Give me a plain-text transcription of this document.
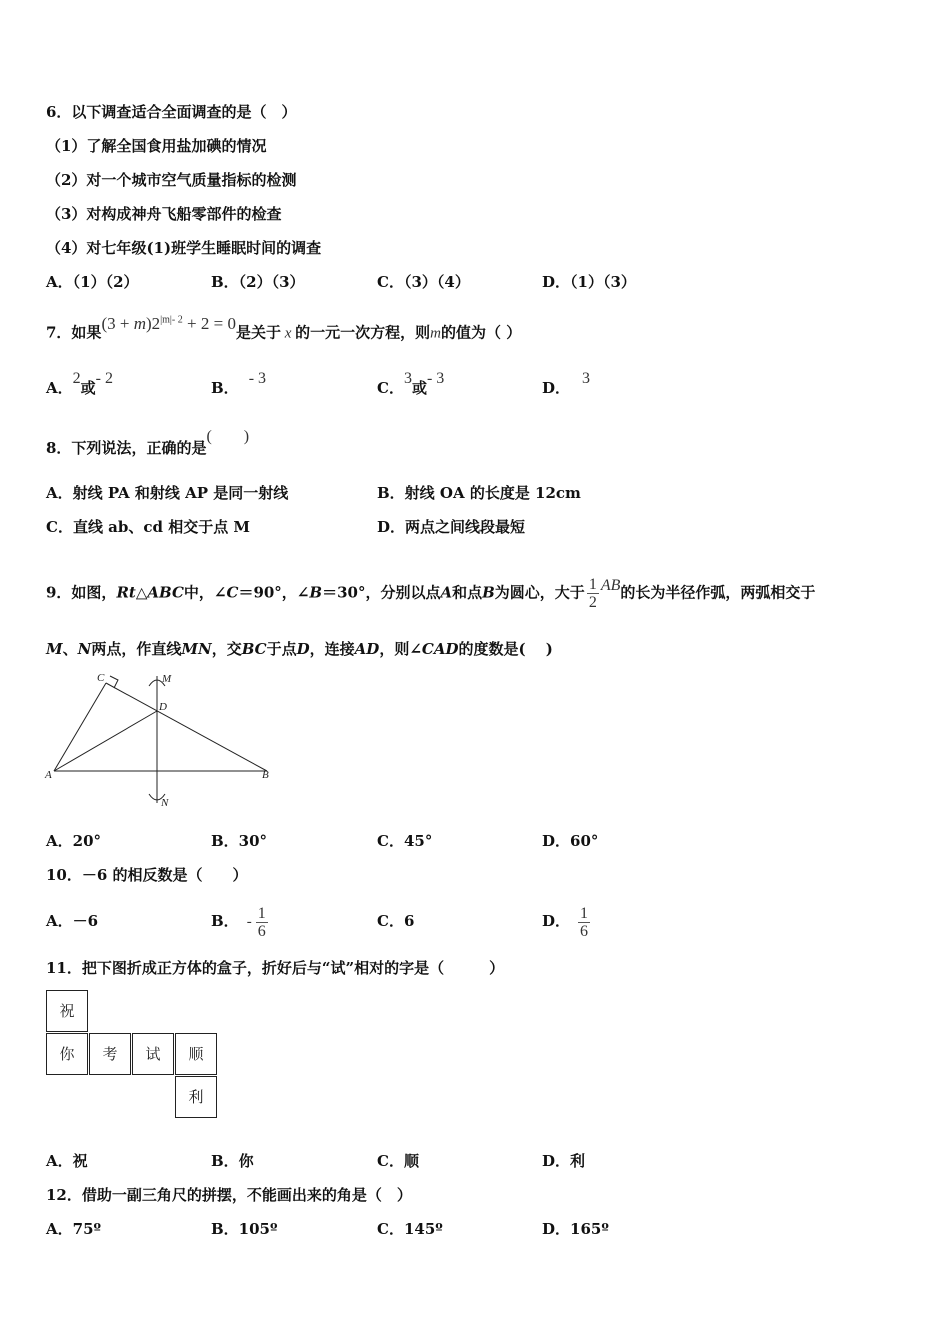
6．以下调查适合全面调查的是（　）
（1）了解全国食用盐加碘的情况
（2）对一个城市空气质量指标的检测
（3）对构成神舟飞船零部件的检查
（4）对七年级(1)班学生睡眠时间的调查
A．（1）（2）	B．（2）（3）	C．（3）（4）	D．（1）（3）
7．如果$(3 + m)2^{|m|- 2} + 2 = 0$是关于 x 的一元一次方程，则m的值为（ ）
A．2或- 2
B．- 3
C．3或- 3
D．3
8．下列说法，正确的是(　　)
A．射线 PA 和射线 AP 是同一射线	B．射线 OA 的长度是 12cm
C．直线 ab、cd 相交于点 M	D．两点之间线段最短
9．如图，Rt△ABC中，∠C＝90°，∠B＝30°，分别以点A和点B为圆心，大于 $\frac{1}{2}$ AB的长为半径作弧，两弧相交于
M、N两点，作直线MN，交BC于点D，连接AD，则∠CAD的度数是(　 )
C	M
D
A	B
N
A．20°	B．30°	C．45°	D．60°
10．－6 的相反数是（　　）
A．－6	B． - $\frac{1}{6}$	C．6	D． $\frac{1}{6}$
11．把下图折成正方体的盒子，折好后与“试”相对的字是（　　　）
祝
你	考	试	顺
利
A．祝	B．你	C．顺	D．利
12．借助一副三角尺的拼摆，不能画出来的角是（　）
A．75º	B．105º	C．145º	D．165º
